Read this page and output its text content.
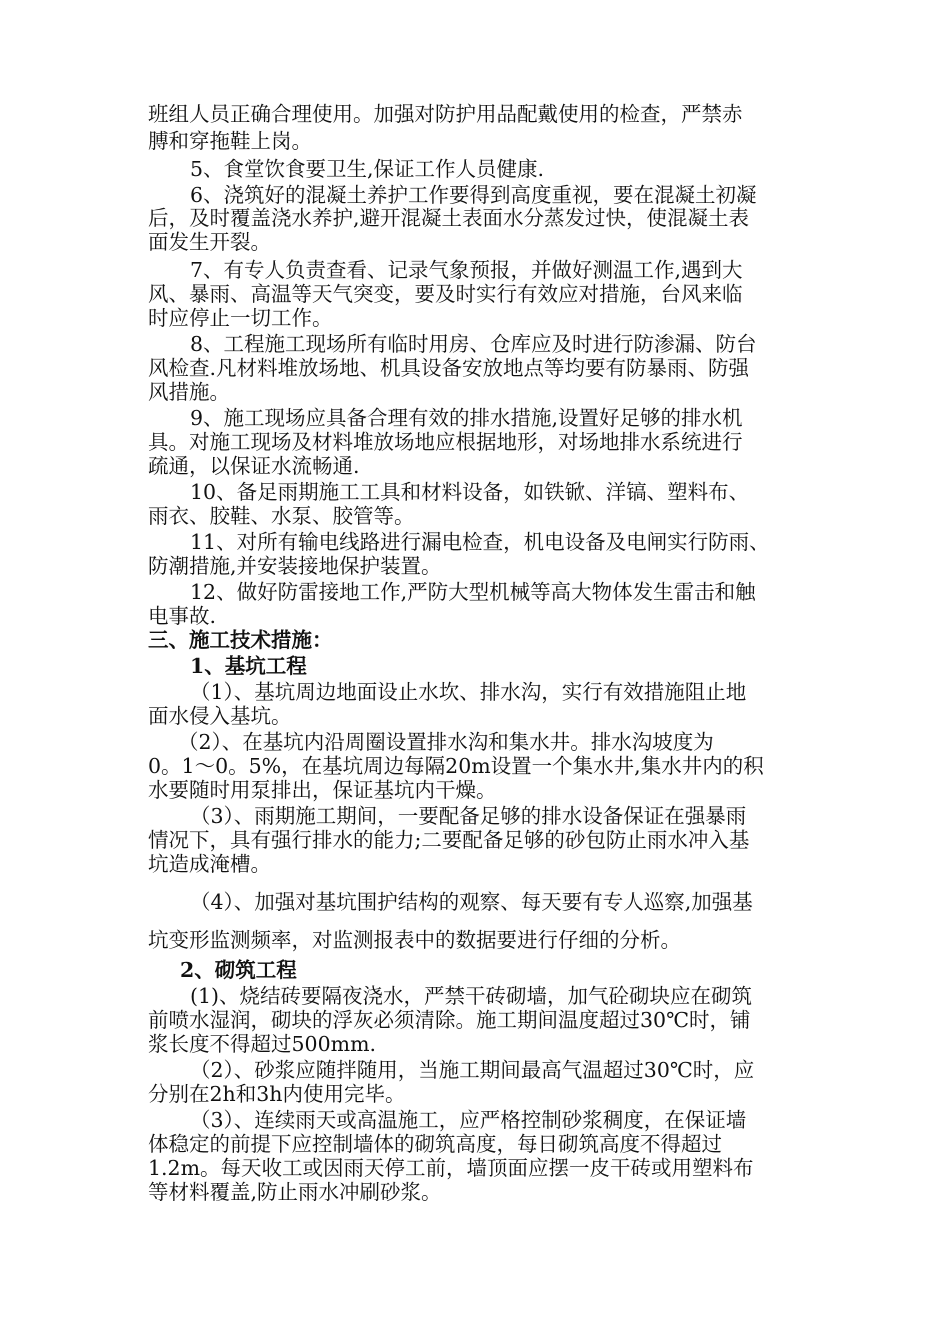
班组人员正确合理使用。加强对防护用品配戴使用的检查，严禁赤
膊和穿拖鞋上岗。
5、食堂饮食要卫生,保证工作人员健康.
6、浇筑好的混凝土养护工作要得到高度重视，要在混凝土初凝
后，及时覆盖浇水养护,避开混凝土表面水分蒸发过快，使混凝土表
面发生开裂。
7、有专人负责查看、记录气象预报，并做好测温工作,遇到大
风、暴雨、高温等天气突变，要及时实行有效应对措施，台风来临
时应停止一切工作。
8、工程施工现场所有临时用房、仓库应及时进行防渗漏、防台
风检查.凡材料堆放场地、机具设备安放地点等均要有防暴雨、防强
风措施。
9、施工现场应具备合理有效的排水措施,设置好足够的排水机
具。对施工现场及材料堆放场地应根据地形，对场地排水系统进行
疏通，以保证水流畅通.
10、备足雨期施工工具和材料设备，如铁锨、洋镐、塑料布、
雨衣、胶鞋、水泵、胶管等。
11、对所有输电线路进行漏电检查，机电设备及电闸实行防雨、
防潮措施,并安装接地保护装置。
12、做好防雷接地工作,严防大型机械等高大物体发生雷击和触
电事故.
三、施工技术措施：
1、基坑工程
（1）、基坑周边地面设止水坎、排水沟，实行有效措施阻止地
面水侵入基坑。
（2）、在基坑内沿周圈设置排水沟和集水井。排水沟坡度为
0。1～0。5%，在基坑周边每隔20m设置一个集水井,集水井内的积
水要随时用泵排出，保证基坑内干燥。
（3）、雨期施工期间，一要配备足够的排水设备保证在强暴雨
情况下，具有强行排水的能力;二要配备足够的砂包防止雨水冲入基
坑造成淹槽。
（4）、加强对基坑围护结构的观察、每天要有专人巡察,加强基
坑变形监测频率，对监测报表中的数据要进行仔细的分析。
2、砌筑工程
(1)、烧结砖要隔夜浇水，严禁干砖砌墙，加气砼砌块应在砌筑
前喷水湿润，砌块的浮灰必须清除。施工期间温度超过30℃时，铺
浆长度不得超过500mm.
（2）、砂浆应随拌随用，当施工期间最高气温超过30℃时，应
分别在2h和3h内使用完毕。
（3）、连续雨天或高温施工，应严格控制砂浆稠度，在保证墙
体稳定的前提下应控制墙体的砌筑高度，每日砌筑高度不得超过
1.2m。每天收工或因雨天停工前，墙顶面应摆一皮干砖或用塑料布
等材料覆盖,防止雨水冲刷砂浆。
